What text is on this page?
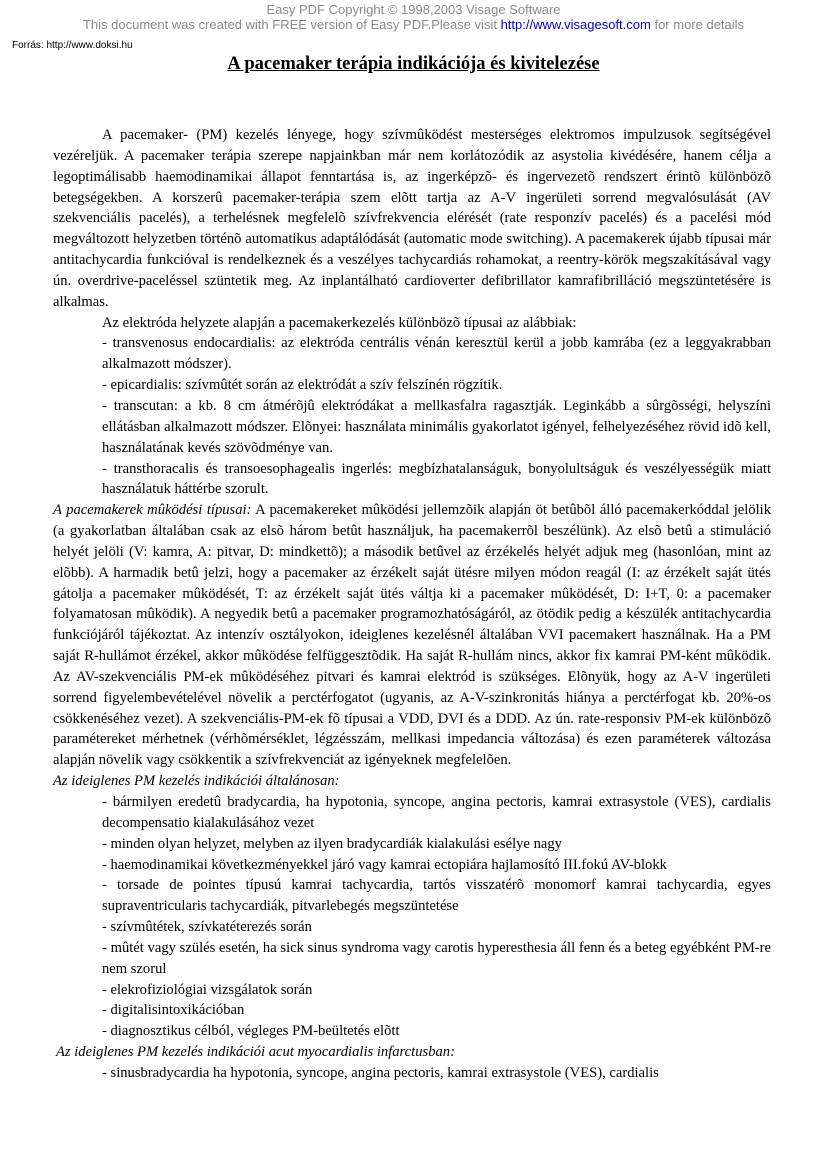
Easy PDF Copyright © 1998,2003 Visage Software
This document was created with FREE version of Easy PDF.Please visit http://www.visagesoft.com for more details
Forrás: http://www.doksi.hu
A pacemaker terápia indikációja és kivitelezése

A pacemaker- (PM) kezelés lényege, hogy szívmûködést mesterséges elektromos impulzusok segítségével vezéreljük. A pacemaker terápia szerepe napjainkban már nem korlátozódik az asystolia kivédésére, hanem célja a legoptimálisabb haemodinamikai állapot fenntartása is, az ingerképzõ- és ingervezetõ rendszert érintõ különbözõ betegségekben. A korszerû pacemaker-terápia szem elõtt tartja az A-V ingerületi sorrend megvalósulását (AV szekvenciális pacelés), a terhelésnek megfelelõ szívfrekvencia elérését (rate responzív pacelés) és a pacelési mód megváltozott helyzetben történõ automatikus adaptálódását (automatic mode switching). A pacemakerek újabb típusai már antitachycardia funkcióval is rendelkeznek és a veszélyes tachycardiás rohamokat, a reentry-körök megszakításával vagy ún. overdrive-paceléssel szüntetik meg. Az inplantálható cardioverter defibrillator kamrafibrilláció megszüntetésére is alkalmas.

Az elektróda helyzete alapján a pacemakerkezelés különbözõ típusai az alábbiak:

- transvenosus endocardialis: az elektróda centrális vénán keresztül kerül a jobb kamrába (ez a leggyakrabban alkalmazott módszer).

- epicardialis: szívmûtét során az elektródát a szív felszínén rögzítik.

- transcutan: a kb. 8 cm átmérõjû elektródákat a mellkasfalra ragasztják. Leginkább a sûrgõsségi, helyszíni ellátásban alkalmazott módszer. Elõnyei: használata minimális gyakorlatot igényel, felhelyezéséhez rövid idõ kell, használatának kevés szövõdménye van.

- transthoracalis és transoesophagealis ingerlés: megbízhatalanságuk, bonyolultságuk és veszélyességük miatt használatuk háttérbe szorult.

A pacemakerek mûködési típusai: A pacemakereket mûködési jellemzõik alapján öt betûbõl álló pacemakerkóddal jelölik (a gyakorlatban általában csak az elsõ három betût használjuk, ha pacemakerrõl beszélünk). Az elsõ betû a stimuláció helyét jelöli (V: kamra, A: pitvar, D: mindkettõ); a második betûvel az érzékelés helyét adjuk meg (hasonlóan, mint az elõbb). A harmadik betû jelzi, hogy a pacemaker az érzékelt saját ütésre milyen módon reagál (I: az érzékelt saját ütés gátolja a pacemaker mûködését, T: az érzékelt saját ütés váltja ki a pacemaker mûködését, D: I+T, 0: a pacemaker folyamatosan mûködik). A negyedik betû a pacemaker programozhatóságáról, az ötödik pedig a készülék antitachycardia funkciójáról tájékoztat. Az intenzív osztályokon, ideiglenes kezelésnél általában VVI pacemakert használnak. Ha a PM saját R-hullámot érzékel, akkor mûködése felfüggesztõdik. Ha saját R-hullám nincs, akkor fix kamrai PM-ként mûködik. Az AV-szekvenciális PM-ek mûködéséhez pitvari és kamrai elektród is szükséges. Elõnyük, hogy az A-V ingerületi sorrend figyelembevételével növelik a perctérfogatot (ugyanis, az A-V-szinkronitás hiánya a perctérfogat kb. 20%-os csökkenéséhez vezet). A szekvenciális-PM-ek fõ típusai a VDD, DVI és a DDD. Az ún. rate-responsiv PM-ek különbözõ paramétereket mérhetnek (vérhõmérséklet, légzésszám, mellkasi impedancia változása) és ezen paraméterek változása alapján növelik vagy csökkentik a szívfrekvenciát az igényeknek megfelelõen.

Az ideiglenes PM kezelés indikációi általánosan:

- bármilyen eredetû bradycardia, ha hypotonia, syncope, angina pectoris, kamrai extrasystole (VES), cardialis decompensatio kialakulásához vezet

- minden olyan helyzet, melyben az ilyen bradycardiák kialakulási esélye nagy

- haemodinamikai következményekkel járó vagy kamrai ectopiára hajlamosító III.fokú AV-blokk

- torsade de pointes típusú kamrai tachycardia, tartós visszatérõ monomorf kamrai tachycardia, egyes supraventricularis tachycardiák, pitvarlebegés megszüntetése

- szívmûtétek, szívkatéterezés során

- mûtét vagy szülés esetén, ha sick sinus syndroma vagy carotis hyperesthesia áll fenn és a beteg egyébként PM-re nem szorul

- elekrofiziológiai vizsgálatok során

- digitalisintoxikációban

- diagnosztikus célból, végleges PM-beültetés elõtt

Az ideiglenes PM kezelés indikációi acut myocardialis infarctusban:

- sinusbradycardia ha hypotonia, syncope, angina pectoris, kamrai extrasystole (VES), cardialis
